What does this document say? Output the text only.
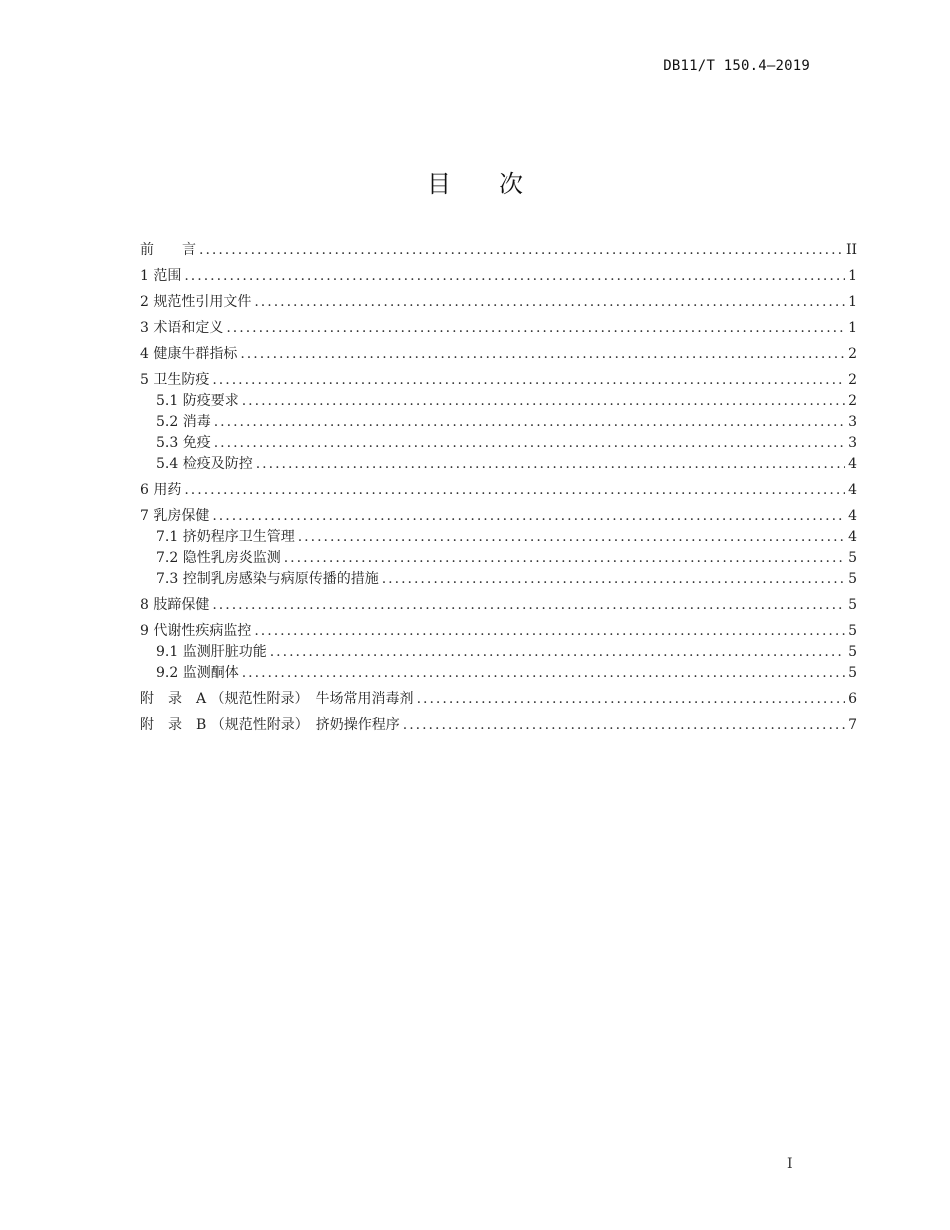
DB11/T 150.4—2019
目　　次
前　　言 .....	II
1 范围 .....	1
2 规范性引用文件 .....	1
3 术语和定义 .....	1
4 健康牛群指标 .....	2
5 卫生防疫 .....	2
5.1 防疫要求 .....	2
5.2 消毒 .....	3
5.3 免疫 .....	3
5.4 检疫及防控 .....	4
6 用药 .....	4
7 乳房保健 .....	4
7.1 挤奶程序卫生管理 .....	4
7.2 隐性乳房炎监测 .....	5
7.3 控制乳房感染与病原传播的措施 .....	5
8 肢蹄保健 .....	5
9 代谢性疾病监控 .....	5
9.1 监测肝脏功能 .....	5
9.2 监测酮体 .....	5
附　录　A （规范性附录）　牛场常用消毒剂 .....	6
附　录　B （规范性附录）　挤奶操作程序 .....	7
I
